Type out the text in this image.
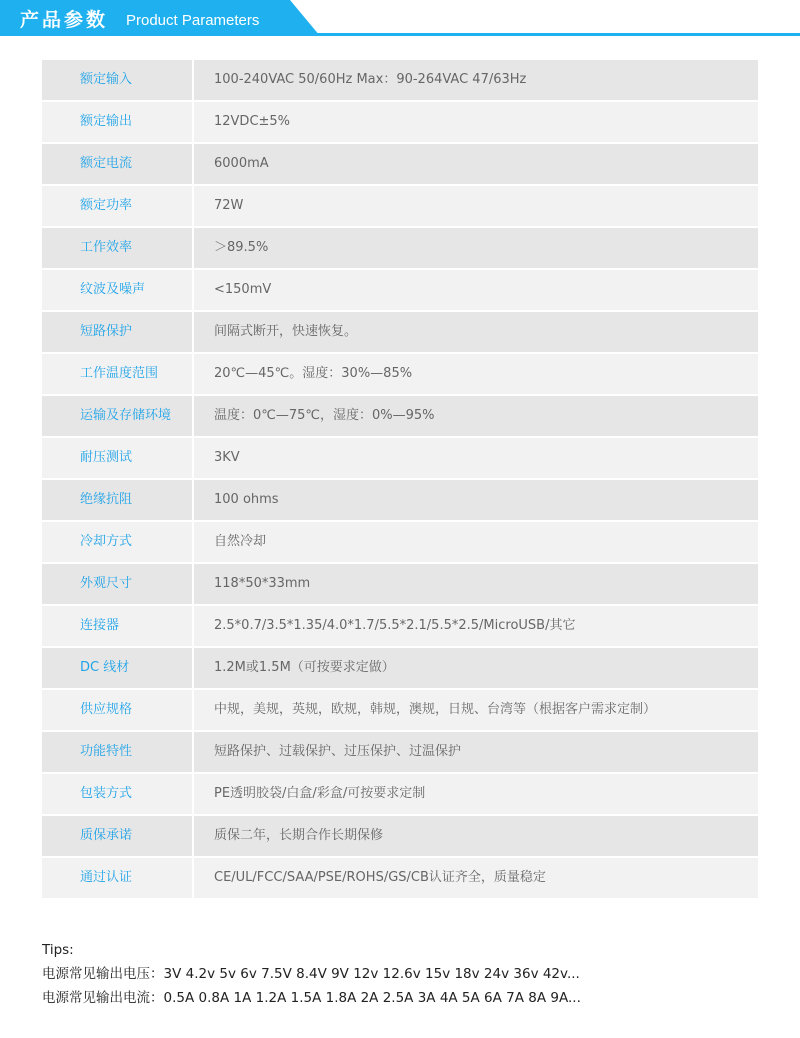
产品参数 Product Parameters
额定输入	100-240VAC 50/60Hz Max：90-264VAC 47/63Hz
额定输出	12VDC±5%
额定电流	6000mA
额定功率	72W
工作效率	＞89.5%
纹波及噪声	<150mV
短路保护	间隔式断开，快速恢复。
工作温度范围	20℃—45℃。湿度：30%—85%
运输及存储环境	温度：0℃—75℃，湿度：0%—95%
耐压测试	3KV
绝缘抗阻	100 ohms
冷却方式	自然冷却
外观尺寸	118*50*33mm
连接器	2.5*0.7/3.5*1.35/4.0*1.7/5.5*2.1/5.5*2.5/MicroUSB/其它
DC 线材	1.2M或1.5M（可按要求定做）
供应规格	中规，美规，英规，欧规，韩规，澳规，日规、台湾等（根据客户需求定制）
功能特性	短路保护、过载保护、过压保护、过温保护
包装方式	PE透明胶袋/白盒/彩盒/可按要求定制
质保承诺	质保二年，长期合作长期保修
通过认证	CE/UL/FCC/SAA/PSE/ROHS/GS/CB认证齐全，质量稳定
Tips:
电源常见输出电压：3V 4.2v 5v 6v 7.5V 8.4V 9V 12v 12.6v 15v 18v 24v 36v 42v...
电源常见输出电流：0.5A 0.8A 1A 1.2A 1.5A 1.8A 2A 2.5A 3A 4A 5A 6A 7A 8A 9A...
